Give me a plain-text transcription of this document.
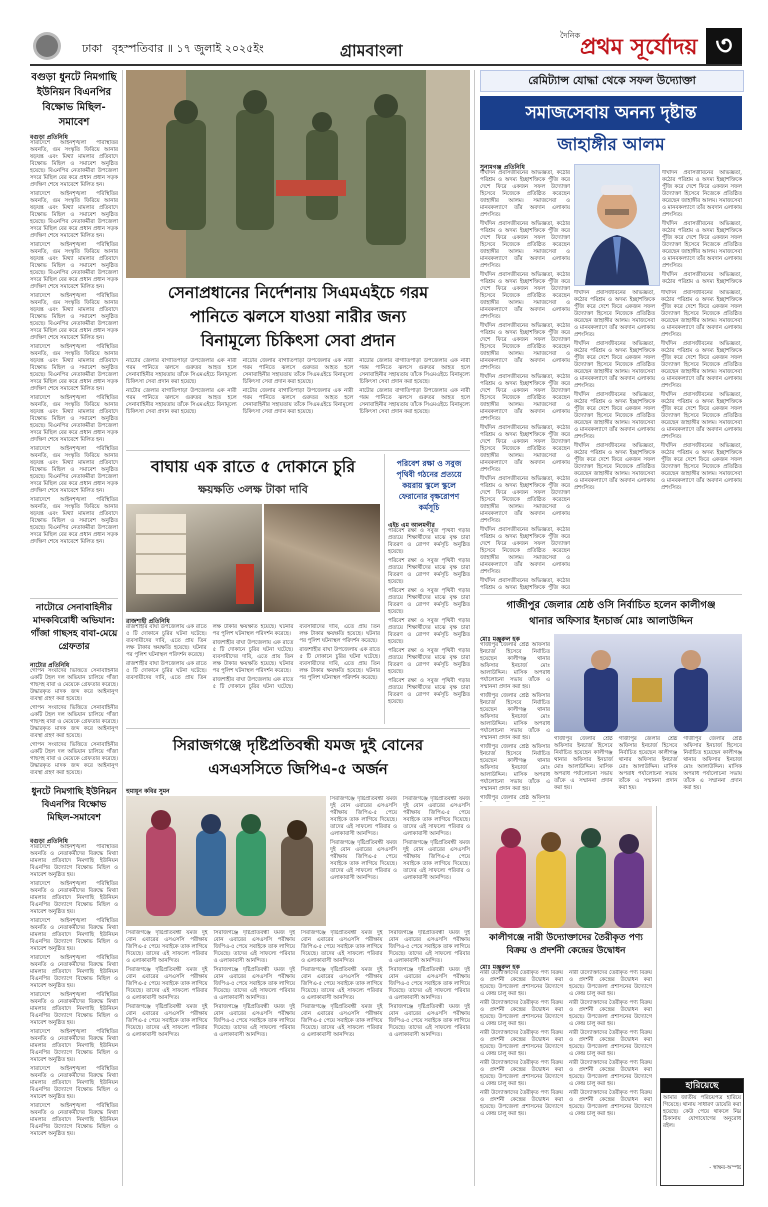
ঢাকা বৃহস্পতিবার ॥ ১৭ জুলাই ২০২৫ইং	গ্রামবাংলা
দৈনিক প্রথম সূর্যোদয় ৩
বগুড়া ধুনটে নিমগাছি ইউনিয়ন বিএনপির বিক্ষোভ মিছিল-সমাবেশ
বগুড়া প্রতিনিধি

সারাদেশে আইনশৃঙ্খলা পরিস্থিতির অবনতি, গুম সংস্কৃতি ফিরিয়ে আনার ষড়যন্ত্র এবং মিথ্যা মামলার প্রতিবাদে বিক্ষোভ মিছিল ও সমাবেশ অনুষ্ঠিত হয়েছে। বিএনপির নেতাকর্মীরা উপজেলা সদরে মিছিল বের করে প্রধান প্রধান সড়ক প্রদক্ষিণ শেষে সমাবেশে মিলিত হন।

সারাদেশে আইনশৃঙ্খলা পরিস্থিতির অবনতি, গুম সংস্কৃতি ফিরিয়ে আনার ষড়যন্ত্র এবং মিথ্যা মামলার প্রতিবাদে বিক্ষোভ মিছিল ও সমাবেশ অনুষ্ঠিত হয়েছে। বিএনপির নেতাকর্মীরা উপজেলা সদরে মিছিল বের করে প্রধান প্রধান সড়ক প্রদক্ষিণ শেষে সমাবেশে মিলিত হন।

সারাদেশে আইনশৃঙ্খলা পরিস্থিতির অবনতি, গুম সংস্কৃতি ফিরিয়ে আনার ষড়যন্ত্র এবং মিথ্যা মামলার প্রতিবাদে বিক্ষোভ মিছিল ও সমাবেশ অনুষ্ঠিত হয়েছে। বিএনপির নেতাকর্মীরা উপজেলা সদরে মিছিল বের করে প্রধান প্রধান সড়ক প্রদক্ষিণ শেষে সমাবেশে মিলিত হন।

সারাদেশে আইনশৃঙ্খলা পরিস্থিতির অবনতি, গুম সংস্কৃতি ফিরিয়ে আনার ষড়যন্ত্র এবং মিথ্যা মামলার প্রতিবাদে বিক্ষোভ মিছিল ও সমাবেশ অনুষ্ঠিত হয়েছে। বিএনপির নেতাকর্মীরা উপজেলা সদরে মিছিল বের করে প্রধান প্রধান সড়ক প্রদক্ষিণ শেষে সমাবেশে মিলিত হন।

সারাদেশে আইনশৃঙ্খলা পরিস্থিতির অবনতি, গুম সংস্কৃতি ফিরিয়ে আনার ষড়যন্ত্র এবং মিথ্যা মামলার প্রতিবাদে বিক্ষোভ মিছিল ও সমাবেশ অনুষ্ঠিত হয়েছে। বিএনপির নেতাকর্মীরা উপজেলা সদরে মিছিল বের করে প্রধান প্রধান সড়ক প্রদক্ষিণ শেষে সমাবেশে মিলিত হন।

সারাদেশে আইনশৃঙ্খলা পরিস্থিতির অবনতি, গুম সংস্কৃতি ফিরিয়ে আনার ষড়যন্ত্র এবং মিথ্যা মামলার প্রতিবাদে বিক্ষোভ মিছিল ও সমাবেশ অনুষ্ঠিত হয়েছে। বিএনপির নেতাকর্মীরা উপজেলা সদরে মিছিল বের করে প্রধান প্রধান সড়ক প্রদক্ষিণ শেষে সমাবেশে মিলিত হন।

সারাদেশে আইনশৃঙ্খলা পরিস্থিতির অবনতি, গুম সংস্কৃতি ফিরিয়ে আনার ষড়যন্ত্র এবং মিথ্যা মামলার প্রতিবাদে বিক্ষোভ মিছিল ও সমাবেশ অনুষ্ঠিত হয়েছে। বিএনপির নেতাকর্মীরা উপজেলা সদরে মিছিল বের করে প্রধান প্রধান সড়ক প্রদক্ষিণ শেষে সমাবেশে মিলিত হন।

সারাদেশে আইনশৃঙ্খলা পরিস্থিতির অবনতি, গুম সংস্কৃতি ফিরিয়ে আনার ষড়যন্ত্র এবং মিথ্যা মামলার প্রতিবাদে বিক্ষোভ মিছিল ও সমাবেশ অনুষ্ঠিত হয়েছে। বিএনপির নেতাকর্মীরা উপজেলা সদরে মিছিল বের করে প্রধান প্রধান সড়ক প্রদক্ষিণ শেষে সমাবেশে মিলিত হন।

নাটোরে সেনাবাহিনীর মাদকবিরোধী অভিযান: গাঁজা গাছসহ বাবা-মেয়ে গ্রেফতার
নাটোর প্রতিনিধি

গোপন সংবাদের ভিত্তিতে সেনাবাহিনীর একটি টহল দল অভিযান চালিয়ে গাঁজা গাছসহ বাবা ও মেয়েকে গ্রেফতার করেছে। উদ্ধারকৃত মাদক জব্দ করে আইনানুগ ব্যবস্থা গ্রহণ করা হয়েছে।

গোপন সংবাদের ভিত্তিতে সেনাবাহিনীর একটি টহল দল অভিযান চালিয়ে গাঁজা গাছসহ বাবা ও মেয়েকে গ্রেফতার করেছে। উদ্ধারকৃত মাদক জব্দ করে আইনানুগ ব্যবস্থা গ্রহণ করা হয়েছে।

গোপন সংবাদের ভিত্তিতে সেনাবাহিনীর একটি টহল দল অভিযান চালিয়ে গাঁজা গাছসহ বাবা ও মেয়েকে গ্রেফতার করেছে। উদ্ধারকৃত মাদক জব্দ করে আইনানুগ ব্যবস্থা গ্রহণ করা হয়েছে।

ধুনটে নিমগাছি ইউনিয়ন বিএনপির বিক্ষোভ মিছিল-সমাবেশ
বগুড়া প্রতিনিধি

সারাদেশে আইনশৃঙ্খলা পরিস্থিতির অবনতি ও নেতাকর্মীদের বিরুদ্ধে মিথ্যা মামলার প্রতিবাদে নিমগাছি ইউনিয়ন বিএনপির উদ্যোগে বিক্ষোভ মিছিল ও সমাবেশ অনুষ্ঠিত হয়।

সারাদেশে আইনশৃঙ্খলা পরিস্থিতির অবনতি ও নেতাকর্মীদের বিরুদ্ধে মিথ্যা মামলার প্রতিবাদে নিমগাছি ইউনিয়ন বিএনপির উদ্যোগে বিক্ষোভ মিছিল ও সমাবেশ অনুষ্ঠিত হয়।

সারাদেশে আইনশৃঙ্খলা পরিস্থিতির অবনতি ও নেতাকর্মীদের বিরুদ্ধে মিথ্যা মামলার প্রতিবাদে নিমগাছি ইউনিয়ন বিএনপির উদ্যোগে বিক্ষোভ মিছিল ও সমাবেশ অনুষ্ঠিত হয়।

সারাদেশে আইনশৃঙ্খলা পরিস্থিতির অবনতি ও নেতাকর্মীদের বিরুদ্ধে মিথ্যা মামলার প্রতিবাদে নিমগাছি ইউনিয়ন বিএনপির উদ্যোগে বিক্ষোভ মিছিল ও সমাবেশ অনুষ্ঠিত হয়।

সারাদেশে আইনশৃঙ্খলা পরিস্থিতির অবনতি ও নেতাকর্মীদের বিরুদ্ধে মিথ্যা মামলার প্রতিবাদে নিমগাছি ইউনিয়ন বিএনপির উদ্যোগে বিক্ষোভ মিছিল ও সমাবেশ অনুষ্ঠিত হয়।

সারাদেশে আইনশৃঙ্খলা পরিস্থিতির অবনতি ও নেতাকর্মীদের বিরুদ্ধে মিথ্যা মামলার প্রতিবাদে নিমগাছি ইউনিয়ন বিএনপির উদ্যোগে বিক্ষোভ মিছিল ও সমাবেশ অনুষ্ঠিত হয়।

সারাদেশে আইনশৃঙ্খলা পরিস্থিতির অবনতি ও নেতাকর্মীদের বিরুদ্ধে মিথ্যা মামলার প্রতিবাদে নিমগাছি ইউনিয়ন বিএনপির উদ্যোগে বিক্ষোভ মিছিল ও সমাবেশ অনুষ্ঠিত হয়।

সারাদেশে আইনশৃঙ্খলা পরিস্থিতির অবনতি ও নেতাকর্মীদের বিরুদ্ধে মিথ্যা মামলার প্রতিবাদে নিমগাছি ইউনিয়ন বিএনপির উদ্যোগে বিক্ষোভ মিছিল ও সমাবেশ অনুষ্ঠিত হয়।

সেনাপ্রধানের নির্দেশনায় সিএমএইচে গরম
পানিতে ঝলসে যাওয়া নারীর জন্য
বিনামূল্যে চিকিৎসা সেবা প্রদান

নাটোর জেলার বাগাতিপাড়া উপজেলার এক নারী গরম পানিতে ঝলসে গুরুতর আহত হলে সেনাবাহিনীর সহায়তায় তাঁকে সিএমএইচে বিনামূল্যে চিকিৎসা সেবা প্রদান করা হয়েছে।

নাটোর জেলার বাগাতিপাড়া উপজেলার এক নারী গরম পানিতে ঝলসে গুরুতর আহত হলে সেনাবাহিনীর সহায়তায় তাঁকে সিএমএইচে বিনামূল্যে চিকিৎসা সেবা প্রদান করা হয়েছে।

নাটোর জেলার বাগাতিপাড়া উপজেলার এক নারী গরম পানিতে ঝলসে গুরুতর আহত হলে সেনাবাহিনীর সহায়তায় তাঁকে সিএমএইচে বিনামূল্যে চিকিৎসা সেবা প্রদান করা হয়েছে।

নাটোর জেলার বাগাতিপাড়া উপজেলার এক নারী গরম পানিতে ঝলসে গুরুতর আহত হলে সেনাবাহিনীর সহায়তায় তাঁকে সিএমএইচে বিনামূল্যে চিকিৎসা সেবা প্রদান করা হয়েছে।

নাটোর জেলার বাগাতিপাড়া উপজেলার এক নারী গরম পানিতে ঝলসে গুরুতর আহত হলে সেনাবাহিনীর সহায়তায় তাঁকে সিএমএইচে বিনামূল্যে চিকিৎসা সেবা প্রদান করা হয়েছে।

নাটোর জেলার বাগাতিপাড়া উপজেলার এক নারী গরম পানিতে ঝলসে গুরুতর আহত হলে সেনাবাহিনীর সহায়তায় তাঁকে সিএমএইচে বিনামূল্যে চিকিৎসা সেবা প্রদান করা হয়েছে।

বাঘায় এক রাতে ৫ দোকানে চুরি
ক্ষয়ক্ষতি ৩লক্ষ টাকা দাবি
রাজশাহী প্রতিনিধি

রাজশাহীর বাঘা উপজেলায় এক রাতে ৫ টি দোকানে চুরির ঘটনা ঘটেছে। ব্যবসায়ীদের দাবি, এতে প্রায় তিন লক্ষ টাকার ক্ষয়ক্ষতি হয়েছে। ঘটনার পর পুলিশ ঘটনাস্থল পরিদর্শন করেছে।

রাজশাহীর বাঘা উপজেলায় এক রাতে ৫ টি দোকানে চুরির ঘটনা ঘটেছে। ব্যবসায়ীদের দাবি, এতে প্রায় তিন লক্ষ টাকার ক্ষয়ক্ষতি হয়েছে। ঘটনার পর পুলিশ ঘটনাস্থল পরিদর্শন করেছে।

রাজশাহীর বাঘা উপজেলায় এক রাতে ৫ টি দোকানে চুরির ঘটনা ঘটেছে। ব্যবসায়ীদের দাবি, এতে প্রায় তিন লক্ষ টাকার ক্ষয়ক্ষতি হয়েছে। ঘটনার পর পুলিশ ঘটনাস্থল পরিদর্শন করেছে।

রাজশাহীর বাঘা উপজেলায় এক রাতে ৫ টি দোকানে চুরির ঘটনা ঘটেছে। ব্যবসায়ীদের দাবি, এতে প্রায় তিন লক্ষ টাকার ক্ষয়ক্ষতি হয়েছে। ঘটনার পর পুলিশ ঘটনাস্থল পরিদর্শন করেছে।

রাজশাহীর বাঘা উপজেলায় এক রাতে ৫ টি দোকানে চুরির ঘটনা ঘটেছে। ব্যবসায়ীদের দাবি, এতে প্রায় তিন লক্ষ টাকার ক্ষয়ক্ষতি হয়েছে। ঘটনার পর পুলিশ ঘটনাস্থল পরিদর্শন করেছে।

পরিবেশ রক্ষা ও সবুজ পৃথিবী গঠনের প্রত্যয়ে কয়রায় স্কুলে স্কুলে ফেরানোর বৃক্ষরোপণ কর্মসূচি
এইচ এম আলমগীর

পরিবেশ রক্ষা ও সবুজ পৃথিবী গড়ার প্রত্যয়ে শিক্ষার্থীদের মাঝে বৃক্ষ চারা বিতরণ ও রোপণ কর্মসূচি অনুষ্ঠিত হয়েছে।

পরিবেশ রক্ষা ও সবুজ পৃথিবী গড়ার প্রত্যয়ে শিক্ষার্থীদের মাঝে বৃক্ষ চারা বিতরণ ও রোপণ কর্মসূচি অনুষ্ঠিত হয়েছে।

পরিবেশ রক্ষা ও সবুজ পৃথিবী গড়ার প্রত্যয়ে শিক্ষার্থীদের মাঝে বৃক্ষ চারা বিতরণ ও রোপণ কর্মসূচি অনুষ্ঠিত হয়েছে।

পরিবেশ রক্ষা ও সবুজ পৃথিবী গড়ার প্রত্যয়ে শিক্ষার্থীদের মাঝে বৃক্ষ চারা বিতরণ ও রোপণ কর্মসূচি অনুষ্ঠিত হয়েছে।

পরিবেশ রক্ষা ও সবুজ পৃথিবী গড়ার প্রত্যয়ে শিক্ষার্থীদের মাঝে বৃক্ষ চারা বিতরণ ও রোপণ কর্মসূচি অনুষ্ঠিত হয়েছে।

পরিবেশ রক্ষা ও সবুজ পৃথিবী গড়ার প্রত্যয়ে শিক্ষার্থীদের মাঝে বৃক্ষ চারা বিতরণ ও রোপণ কর্মসূচি অনুষ্ঠিত হয়েছে।

সিরাজগঞ্জে দৃষ্টিপ্রতিবন্ধী যমজ দুই বোনের
এসএসসিতে জিপিএ-৫ অর্জন
হুমায়ূন কবির সুমন

সিরাজগঞ্জে দৃষ্টিপ্রতিবন্ধী যমজ দুই বোন এবারের এসএসসি পরীক্ষায় জিপিএ-৫ পেয়ে সবাইকে তাক লাগিয়ে দিয়েছে। তাদের এই সাফল্যে পরিবার ও এলাকাবাসী আনন্দিত।

সিরাজগঞ্জে দৃষ্টিপ্রতিবন্ধী যমজ দুই বোন এবারের এসএসসি পরীক্ষায় জিপিএ-৫ পেয়ে সবাইকে তাক লাগিয়ে দিয়েছে। তাদের এই সাফল্যে পরিবার ও এলাকাবাসী আনন্দিত।

সিরাজগঞ্জে দৃষ্টিপ্রতিবন্ধী যমজ দুই বোন এবারের এসএসসি পরীক্ষায় জিপিএ-৫ পেয়ে সবাইকে তাক লাগিয়ে দিয়েছে। তাদের এই সাফল্যে পরিবার ও এলাকাবাসী আনন্দিত।

সিরাজগঞ্জে দৃষ্টিপ্রতিবন্ধী যমজ দুই বোন এবারের এসএসসি পরীক্ষায় জিপিএ-৫ পেয়ে সবাইকে তাক লাগিয়ে দিয়েছে। তাদের এই সাফল্যে পরিবার ও এলাকাবাসী আনন্দিত।

সিরাজগঞ্জে দৃষ্টিপ্রতিবন্ধী যমজ দুই বোন এবারের এসএসসি পরীক্ষায় জিপিএ-৫ পেয়ে সবাইকে তাক লাগিয়ে দিয়েছে। তাদের এই সাফল্যে পরিবার ও এলাকাবাসী আনন্দিত।

সিরাজগঞ্জে দৃষ্টিপ্রতিবন্ধী যমজ দুই বোন এবারের এসএসসি পরীক্ষায় জিপিএ-৫ পেয়ে সবাইকে তাক লাগিয়ে দিয়েছে। তাদের এই সাফল্যে পরিবার ও এলাকাবাসী আনন্দিত।

সিরাজগঞ্জে দৃষ্টিপ্রতিবন্ধী যমজ দুই বোন এবারের এসএসসি পরীক্ষায় জিপিএ-৫ পেয়ে সবাইকে তাক লাগিয়ে দিয়েছে। তাদের এই সাফল্যে পরিবার ও এলাকাবাসী আনন্দিত।

সিরাজগঞ্জে দৃষ্টিপ্রতিবন্ধী যমজ দুই বোন এবারের এসএসসি পরীক্ষায় জিপিএ-৫ পেয়ে সবাইকে তাক লাগিয়ে দিয়েছে। তাদের এই সাফল্যে পরিবার ও এলাকাবাসী আনন্দিত।

সিরাজগঞ্জে দৃষ্টিপ্রতিবন্ধী যমজ দুই বোন এবারের এসএসসি পরীক্ষায় জিপিএ-৫ পেয়ে সবাইকে তাক লাগিয়ে দিয়েছে। তাদের এই সাফল্যে পরিবার ও এলাকাবাসী আনন্দিত।

সিরাজগঞ্জে দৃষ্টিপ্রতিবন্ধী যমজ দুই বোন এবারের এসএসসি পরীক্ষায় জিপিএ-৫ পেয়ে সবাইকে তাক লাগিয়ে দিয়েছে। তাদের এই সাফল্যে পরিবার ও এলাকাবাসী আনন্দিত।

সিরাজগঞ্জে দৃষ্টিপ্রতিবন্ধী যমজ দুই বোন এবারের এসএসসি পরীক্ষায় জিপিএ-৫ পেয়ে সবাইকে তাক লাগিয়ে দিয়েছে। তাদের এই সাফল্যে পরিবার ও এলাকাবাসী আনন্দিত।

সিরাজগঞ্জে দৃষ্টিপ্রতিবন্ধী যমজ দুই বোন এবারের এসএসসি পরীক্ষায় জিপিএ-৫ পেয়ে সবাইকে তাক লাগিয়ে দিয়েছে। তাদের এই সাফল্যে পরিবার ও এলাকাবাসী আনন্দিত।

সিরাজগঞ্জে দৃষ্টিপ্রতিবন্ধী যমজ দুই বোন এবারের এসএসসি পরীক্ষায় জিপিএ-৫ পেয়ে সবাইকে তাক লাগিয়ে দিয়েছে। তাদের এই সাফল্যে পরিবার ও এলাকাবাসী আনন্দিত।

সিরাজগঞ্জে দৃষ্টিপ্রতিবন্ধী যমজ দুই বোন এবারের এসএসসি পরীক্ষায় জিপিএ-৫ পেয়ে সবাইকে তাক লাগিয়ে দিয়েছে। তাদের এই সাফল্যে পরিবার ও এলাকাবাসী আনন্দিত।

সিরাজগঞ্জে দৃষ্টিপ্রতিবন্ধী যমজ দুই বোন এবারের এসএসসি পরীক্ষায় জিপিএ-৫ পেয়ে সবাইকে তাক লাগিয়ে দিয়েছে। তাদের এই সাফল্যে পরিবার ও এলাকাবাসী আনন্দিত।

সিরাজগঞ্জে দৃষ্টিপ্রতিবন্ধী যমজ দুই বোন এবারের এসএসসি পরীক্ষায় জিপিএ-৫ পেয়ে সবাইকে তাক লাগিয়ে দিয়েছে। তাদের এই সাফল্যে পরিবার ও এলাকাবাসী আনন্দিত।

রেমিট্যান্স যোদ্ধা থেকে সফল উদ্যোক্তা
সমাজসেবায় অনন্য দৃষ্টান্ত
জাহাঙ্গীর আলম
সুনামগঞ্জ প্রতিনিধি

দীর্ঘদিন প্রবাসজীবনের অভিজ্ঞতা, কঠোর পরিশ্রম ও অদম্য ইচ্ছাশক্তিকে পুঁজি করে দেশে ফিরে একজন সফল উদ্যোক্তা হিসেবে নিজেকে প্রতিষ্ঠিত করেছেন জাহাঙ্গীর আলম। সমাজসেবা ও মানবকল্যাণে তাঁর অবদান এলাকায় প্রশংসিত।

দীর্ঘদিন প্রবাসজীবনের অভিজ্ঞতা, কঠোর পরিশ্রম ও অদম্য ইচ্ছাশক্তিকে পুঁজি করে দেশে ফিরে একজন সফল উদ্যোক্তা হিসেবে নিজেকে প্রতিষ্ঠিত করেছেন জাহাঙ্গীর আলম। সমাজসেবা ও মানবকল্যাণে তাঁর অবদান এলাকায় প্রশংসিত।

দীর্ঘদিন প্রবাসজীবনের অভিজ্ঞতা, কঠোর পরিশ্রম ও অদম্য ইচ্ছাশক্তিকে পুঁজি করে দেশে ফিরে একজন সফল উদ্যোক্তা হিসেবে নিজেকে প্রতিষ্ঠিত করেছেন জাহাঙ্গীর আলম। সমাজসেবা ও মানবকল্যাণে তাঁর অবদান এলাকায় প্রশংসিত।

দীর্ঘদিন প্রবাসজীবনের অভিজ্ঞতা, কঠোর পরিশ্রম ও অদম্য ইচ্ছাশক্তিকে পুঁজি করে দেশে ফিরে একজন সফল উদ্যোক্তা হিসেবে নিজেকে প্রতিষ্ঠিত করেছেন জাহাঙ্গীর আলম। সমাজসেবা ও মানবকল্যাণে তাঁর অবদান এলাকায় প্রশংসিত।

দীর্ঘদিন প্রবাসজীবনের অভিজ্ঞতা, কঠোর পরিশ্রম ও অদম্য ইচ্ছাশক্তিকে পুঁজি করে দেশে ফিরে একজন সফল উদ্যোক্তা হিসেবে নিজেকে প্রতিষ্ঠিত করেছেন জাহাঙ্গীর আলম। সমাজসেবা ও মানবকল্যাণে তাঁর অবদান এলাকায় প্রশংসিত।

দীর্ঘদিন প্রবাসজীবনের অভিজ্ঞতা, কঠোর পরিশ্রম ও অদম্য ইচ্ছাশক্তিকে পুঁজি করে দেশে ফিরে একজন সফল উদ্যোক্তা হিসেবে নিজেকে প্রতিষ্ঠিত করেছেন জাহাঙ্গীর আলম। সমাজসেবা ও মানবকল্যাণে তাঁর অবদান এলাকায় প্রশংসিত।

দীর্ঘদিন প্রবাসজীবনের অভিজ্ঞতা, কঠোর পরিশ্রম ও অদম্য ইচ্ছাশক্তিকে পুঁজি করে দেশে ফিরে একজন সফল উদ্যোক্তা হিসেবে নিজেকে প্রতিষ্ঠিত করেছেন জাহাঙ্গীর আলম। সমাজসেবা ও মানবকল্যাণে তাঁর অবদান এলাকায় প্রশংসিত।

দীর্ঘদিন প্রবাসজীবনের অভিজ্ঞতা, কঠোর পরিশ্রম ও অদম্য ইচ্ছাশক্তিকে পুঁজি করে দেশে ফিরে একজন সফল উদ্যোক্তা হিসেবে নিজেকে প্রতিষ্ঠিত করেছেন জাহাঙ্গীর আলম। সমাজসেবা ও মানবকল্যাণে তাঁর অবদান এলাকায় প্রশংসিত।

দীর্ঘদিন প্রবাসজীবনের অভিজ্ঞতা, কঠোর পরিশ্রম ও অদম্য ইচ্ছাশক্তিকে পুঁজি করে

দীর্ঘদিন প্রবাসজীবনের অভিজ্ঞতা, কঠোর পরিশ্রম ও অদম্য ইচ্ছাশক্তিকে পুঁজি করে দেশে ফিরে একজন সফল উদ্যোক্তা হিসেবে নিজেকে প্রতিষ্ঠিত করেছেন জাহাঙ্গীর আলম। সমাজসেবা ও মানবকল্যাণে তাঁর অবদান এলাকায় প্রশংসিত।

দীর্ঘদিন প্রবাসজীবনের অভিজ্ঞতা, কঠোর পরিশ্রম ও অদম্য ইচ্ছাশক্তিকে পুঁজি করে দেশে ফিরে একজন সফল উদ্যোক্তা হিসেবে নিজেকে প্রতিষ্ঠিত করেছেন জাহাঙ্গীর আলম। সমাজসেবা ও মানবকল্যাণে তাঁর অবদান এলাকায় প্রশংসিত।

দীর্ঘদিন প্রবাসজীবনের অভিজ্ঞতা, কঠোর পরিশ্রম ও অদম্য ইচ্ছাশক্তিকে

দীর্ঘদিন প্রবাসজীবনের অভিজ্ঞতা, কঠোর পরিশ্রম ও অদম্য ইচ্ছাশক্তিকে পুঁজি করে দেশে ফিরে একজন সফল উদ্যোক্তা হিসেবে নিজেকে প্রতিষ্ঠিত করেছেন জাহাঙ্গীর আলম। সমাজসেবা ও মানবকল্যাণে তাঁর অবদান এলাকায় প্রশংসিত।

দীর্ঘদিন প্রবাসজীবনের অভিজ্ঞতা, কঠোর পরিশ্রম ও অদম্য ইচ্ছাশক্তিকে পুঁজি করে দেশে ফিরে একজন সফল উদ্যোক্তা হিসেবে নিজেকে প্রতিষ্ঠিত করেছেন জাহাঙ্গীর আলম। সমাজসেবা ও মানবকল্যাণে তাঁর অবদান এলাকায় প্রশংসিত।

দীর্ঘদিন প্রবাসজীবনের অভিজ্ঞতা, কঠোর পরিশ্রম ও অদম্য ইচ্ছাশক্তিকে পুঁজি করে দেশে ফিরে একজন সফল উদ্যোক্তা হিসেবে নিজেকে প্রতিষ্ঠিত করেছেন জাহাঙ্গীর আলম। সমাজসেবা ও মানবকল্যাণে তাঁর অবদান এলাকায় প্রশংসিত।

দীর্ঘদিন প্রবাসজীবনের অভিজ্ঞতা, কঠোর পরিশ্রম ও অদম্য ইচ্ছাশক্তিকে পুঁজি করে দেশে ফিরে একজন সফল উদ্যোক্তা হিসেবে নিজেকে প্রতিষ্ঠিত করেছেন জাহাঙ্গীর আলম। সমাজসেবা ও মানবকল্যাণে তাঁর অবদান এলাকায় প্রশংসিত।

দীর্ঘদিন প্রবাসজীবনের অভিজ্ঞতা, কঠোর পরিশ্রম ও অদম্য ইচ্ছাশক্তিকে পুঁজি করে দেশে ফিরে একজন সফল উদ্যোক্তা হিসেবে নিজেকে প্রতিষ্ঠিত করেছেন জাহাঙ্গীর আলম। সমাজসেবা ও মানবকল্যাণে তাঁর অবদান এলাকায় প্রশংসিত।

দীর্ঘদিন প্রবাসজীবনের অভিজ্ঞতা, কঠোর পরিশ্রম ও অদম্য ইচ্ছাশক্তিকে পুঁজি করে দেশে ফিরে একজন সফল উদ্যোক্তা হিসেবে নিজেকে প্রতিষ্ঠিত করেছেন জাহাঙ্গীর আলম। সমাজসেবা ও মানবকল্যাণে তাঁর অবদান এলাকায় প্রশংসিত।

দীর্ঘদিন প্রবাসজীবনের অভিজ্ঞতা, কঠোর পরিশ্রম ও অদম্য ইচ্ছাশক্তিকে পুঁজি করে দেশে ফিরে একজন সফল উদ্যোক্তা হিসেবে নিজেকে প্রতিষ্ঠিত করেছেন জাহাঙ্গীর আলম। সমাজসেবা ও মানবকল্যাণে তাঁর অবদান এলাকায় প্রশংসিত।

দীর্ঘদিন প্রবাসজীবনের অভিজ্ঞতা, কঠোর পরিশ্রম ও অদম্য ইচ্ছাশক্তিকে পুঁজি করে দেশে ফিরে একজন সফল উদ্যোক্তা হিসেবে নিজেকে প্রতিষ্ঠিত করেছেন জাহাঙ্গীর আলম। সমাজসেবা ও মানবকল্যাণে তাঁর অবদান এলাকায় প্রশংসিত।

গাজীপুর জেলার শ্রেষ্ঠ ওসি নির্বাচিত হলেন কালীগঞ্জ
থানার অফিসার ইনচার্জ মোঃ আলাউদ্দিন
মোঃ মঞ্জুরুল হক

গাজীপুর জেলার শ্রেষ্ঠ অফিসার ইনচার্জ হিসেবে নির্বাচিত হয়েছেন কালীগঞ্জ থানার অফিসার ইনচার্জ মোঃ আলাউদ্দিন। মাসিক অপরাধ পর্যালোচনা সভায় তাঁকে এ সম্মাননা প্রদান করা হয়।

গাজীপুর জেলার শ্রেষ্ঠ অফিসার ইনচার্জ হিসেবে নির্বাচিত হয়েছেন কালীগঞ্জ থানার অফিসার ইনচার্জ মোঃ আলাউদ্দিন। মাসিক অপরাধ পর্যালোচনা সভায় তাঁকে এ সম্মাননা প্রদান করা হয়।

গাজীপুর জেলার শ্রেষ্ঠ অফিসার ইনচার্জ হিসেবে নির্বাচিত হয়েছেন কালীগঞ্জ থানার অফিসার ইনচার্জ মোঃ আলাউদ্দিন। মাসিক অপরাধ পর্যালোচনা সভায় তাঁকে এ সম্মাননা প্রদান করা হয়।

গাজীপুর জেলার শ্রেষ্ঠ অফিসার

গাজীপুর জেলার শ্রেষ্ঠ অফিসার ইনচার্জ হিসেবে নির্বাচিত হয়েছেন কালীগঞ্জ থানার অফিসার ইনচার্জ মোঃ আলাউদ্দিন। মাসিক অপরাধ পর্যালোচনা সভায় তাঁকে এ সম্মাননা প্রদান করা হয়।

গাজীপুর জেলার শ্রেষ্ঠ অফিসার ইনচার্জ হিসেবে নির্বাচিত হয়েছেন কালীগঞ্জ থানার অফিসার ইনচার্জ মোঃ আলাউদ্দিন। মাসিক অপরাধ পর্যালোচনা সভায় তাঁকে এ সম্মাননা প্রদান করা হয়।

গাজীপুর জেলার শ্রেষ্ঠ অফিসার ইনচার্জ হিসেবে নির্বাচিত হয়েছেন কালীগঞ্জ থানার অফিসার ইনচার্জ মোঃ আলাউদ্দিন। মাসিক অপরাধ পর্যালোচনা সভায় তাঁকে এ সম্মাননা প্রদান করা হয়।

কালীগঞ্জে নারী উদ্যোক্তাদের তৈরীকৃত পণ্য বিক্রয় ও প্রদর্শনী কেন্দ্রের উদ্বোধন
মোঃ মঞ্জুরুল হক

নারী উদ্যোক্তাদের তৈরীকৃত পণ্য বিক্রয় ও প্রদর্শনী কেন্দ্রের উদ্বোধন করা হয়েছে। উপজেলা প্রশাসনের উদ্যোগে এ কেন্দ্র চালু করা হয়।

নারী উদ্যোক্তাদের তৈরীকৃত পণ্য বিক্রয় ও প্রদর্শনী কেন্দ্রের উদ্বোধন করা হয়েছে। উপজেলা প্রশাসনের উদ্যোগে এ কেন্দ্র চালু করা হয়।

নারী উদ্যোক্তাদের তৈরীকৃত পণ্য বিক্রয় ও প্রদর্শনী কেন্দ্রের উদ্বোধন করা হয়েছে। উপজেলা প্রশাসনের উদ্যোগে এ কেন্দ্র চালু করা হয়।

নারী উদ্যোক্তাদের তৈরীকৃত পণ্য বিক্রয় ও প্রদর্শনী কেন্দ্রের উদ্বোধন করা হয়েছে। উপজেলা প্রশাসনের উদ্যোগে এ কেন্দ্র চালু করা হয়।

নারী উদ্যোক্তাদের তৈরীকৃত পণ্য বিক্রয় ও প্রদর্শনী কেন্দ্রের উদ্বোধন করা হয়েছে। উপজেলা প্রশাসনের উদ্যোগে এ কেন্দ্র চালু করা হয়।

নারী উদ্যোক্তাদের তৈরীকৃত পণ্য বিক্রয় ও প্রদর্শনী কেন্দ্রের উদ্বোধন করা হয়েছে। উপজেলা প্রশাসনের উদ্যোগে এ কেন্দ্র চালু করা হয়।

নারী উদ্যোক্তাদের তৈরীকৃত পণ্য বিক্রয় ও প্রদর্শনী কেন্দ্রের উদ্বোধন করা হয়েছে। উপজেলা প্রশাসনের উদ্যোগে এ কেন্দ্র চালু করা হয়।

নারী উদ্যোক্তাদের তৈরীকৃত পণ্য বিক্রয় ও প্রদর্শনী কেন্দ্রের উদ্বোধন করা হয়েছে। উপজেলা প্রশাসনের উদ্যোগে এ কেন্দ্র চালু করা হয়।

নারী উদ্যোক্তাদের তৈরীকৃত পণ্য বিক্রয় ও প্রদর্শনী কেন্দ্রের উদ্বোধন করা হয়েছে। উপজেলা প্রশাসনের উদ্যোগে এ কেন্দ্র চালু করা হয়।

নারী উদ্যোক্তাদের তৈরীকৃত পণ্য বিক্রয় ও প্রদর্শনী কেন্দ্রের উদ্বোধন করা হয়েছে। উপজেলা প্রশাসনের উদ্যোগে এ কেন্দ্র চালু করা হয়।

হারিয়েছে
আমার জাতীয় পরিচয়পত্র হারিয়ে গিয়েছে। থানায় সাধারণ ডায়েরি করা হয়েছে। কেউ পেয়ে থাকলে নিম্ন ঠিকানায় যোগাযোগের অনুরোধ রইল।
- স্বাক্ষর-অস্পষ্ট
